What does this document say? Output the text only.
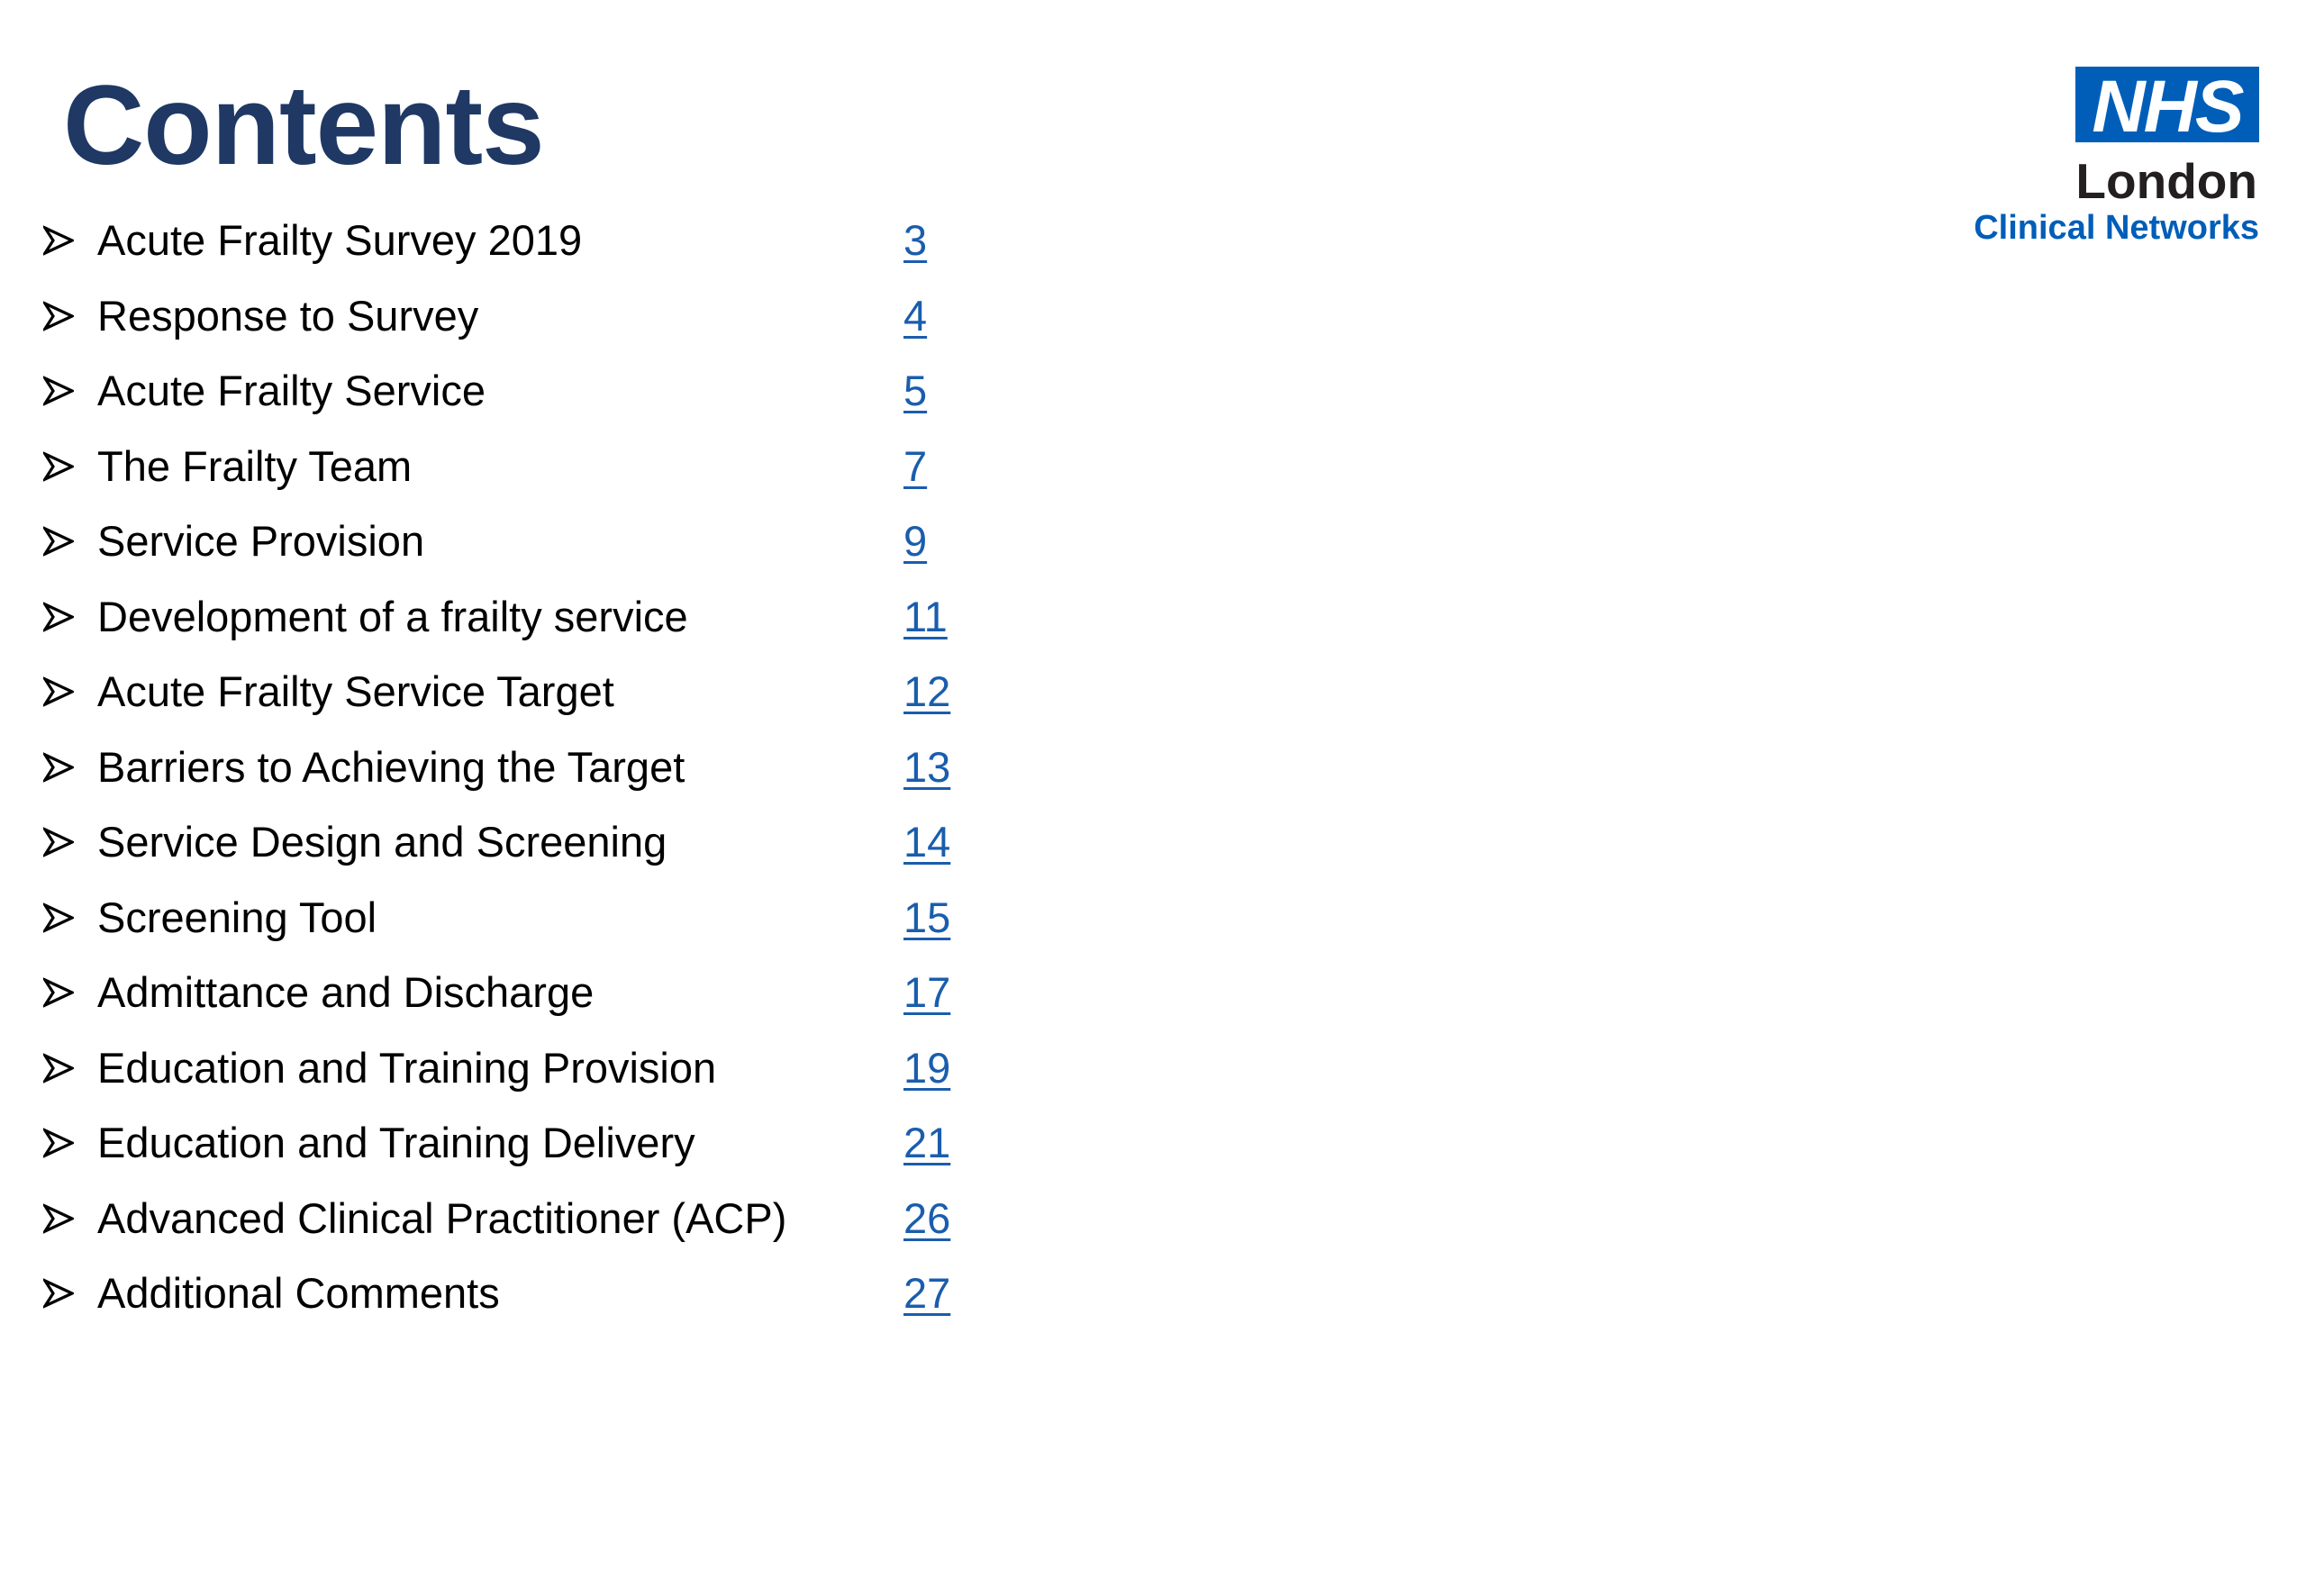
Contents	NHS
London
Clinical Networks
Acute Frailty Survey 2019	3
Response to Survey	4
Acute Frailty Service	5
The Frailty Team	7
Service Provision	9
Development of a frailty service	11
Acute Frailty Service Target	12
Barriers to Achieving the Target	13
Service Design and Screening	14
Screening Tool	15
Admittance and Discharge	17
Education and Training Provision	19
Education and Training Delivery	21
Advanced Clinical Practitioner (ACP)	26
Additional Comments	27
